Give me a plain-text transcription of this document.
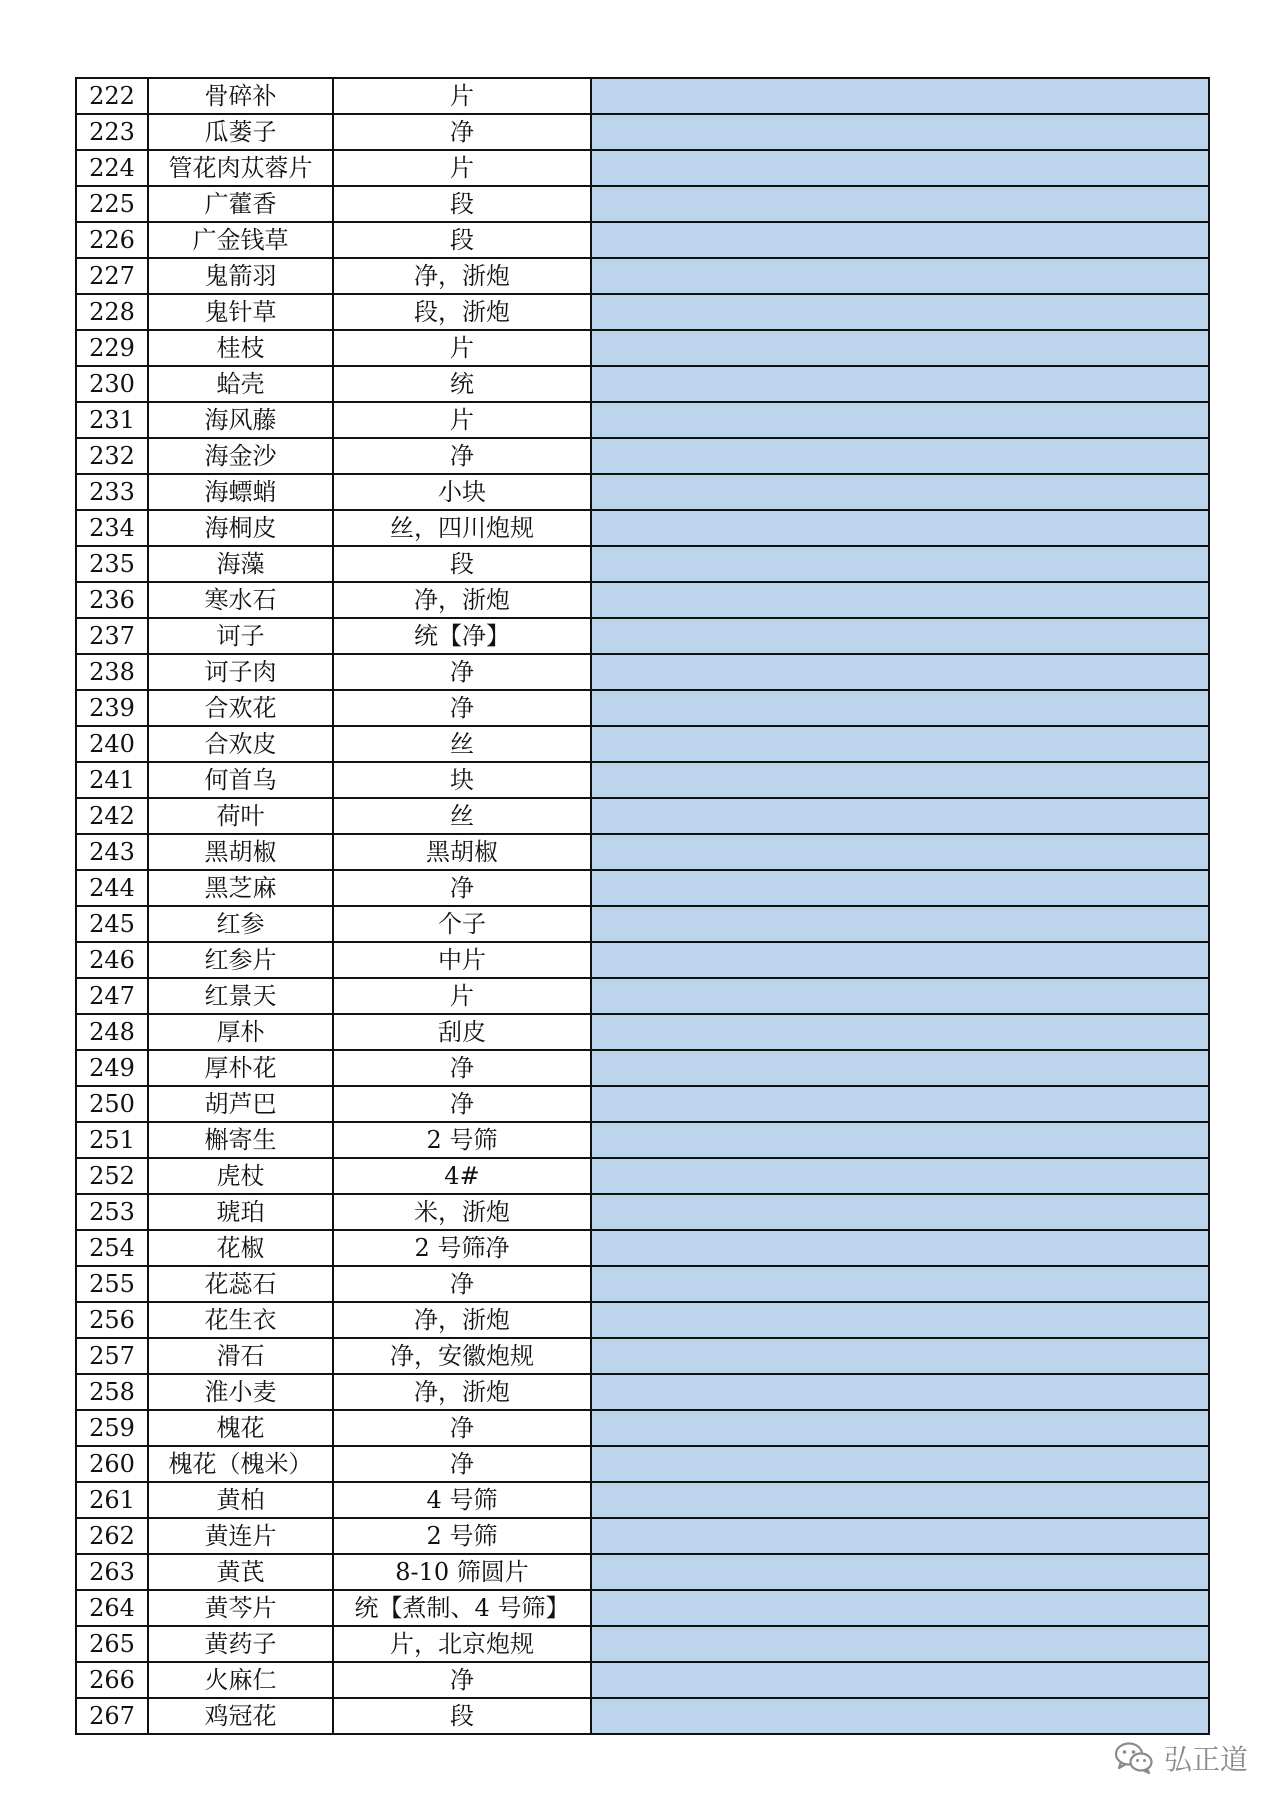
222	骨碎补	片	
223	瓜蒌子	净	
224	管花肉苁蓉片	片	
225	广藿香	段	
226	广金钱草	段	
227	鬼箭羽	净，浙炮	
228	鬼针草	段，浙炮	
229	桂枝	片	
230	蛤壳	统	
231	海风藤	片	
232	海金沙	净	
233	海螵蛸	小块	
234	海桐皮	丝，四川炮规	
235	海藻	段	
236	寒水石	净，浙炮	
237	诃子	统【净】	
238	诃子肉	净	
239	合欢花	净	
240	合欢皮	丝	
241	何首乌	块	
242	荷叶	丝	
243	黑胡椒	黑胡椒	
244	黑芝麻	净	
245	红参	个子	
246	红参片	中片	
247	红景天	片	
248	厚朴	刮皮	
249	厚朴花	净	
250	胡芦巴	净	
251	槲寄生	2 号筛	
252	虎杖	4#	
253	琥珀	米，浙炮	
254	花椒	2 号筛净	
255	花蕊石	净	
256	花生衣	净，浙炮	
257	滑石	净，安徽炮规	
258	淮小麦	净，浙炮	
259	槐花	净	
260	槐花（槐米）	净	
261	黄柏	4 号筛	
262	黄连片	2 号筛	
263	黄芪	8-10 筛圆片	
264	黄芩片	统【煮制、4 号筛】	
265	黄药子	片，北京炮规	
266	火麻仁	净	
267	鸡冠花	段	
弘正道
